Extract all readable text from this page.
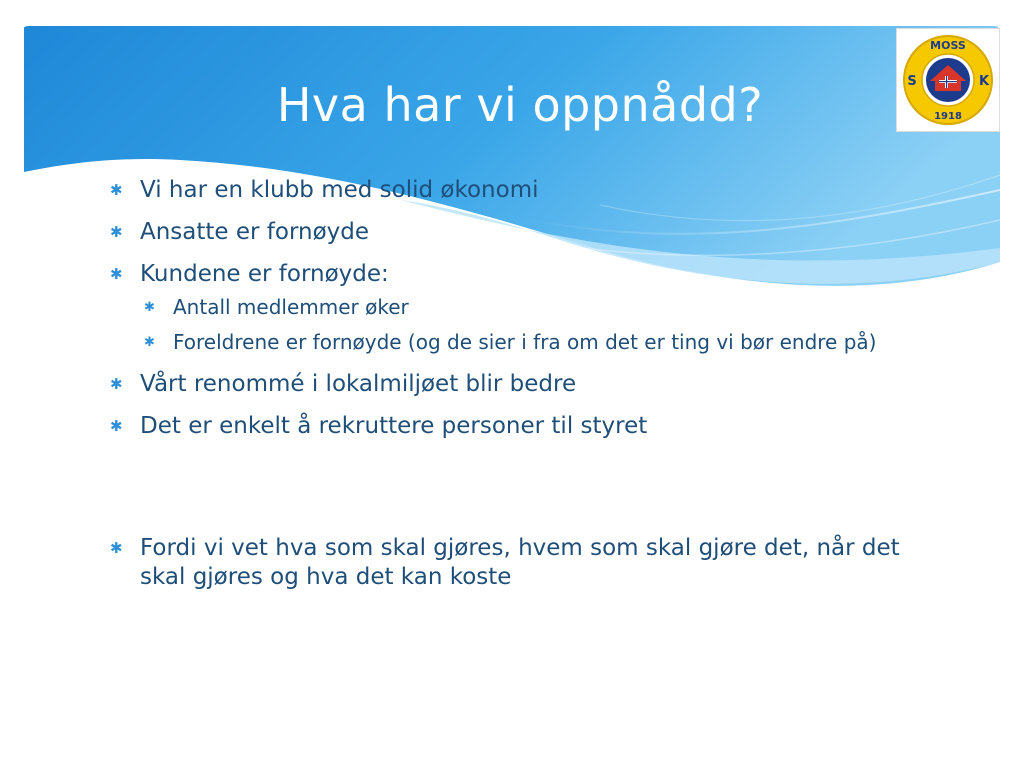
Hva har vi oppnådd?
MOSS
S	K
1918
✱ Vi har en klubb med solid økonomi
✱ Ansatte er fornøyde
✱ Kundene er fornøyde:
✱ Antall medlemmer øker
✱ Foreldrene er fornøyde (og de sier i fra om det er ting vi bør endre på)
✱ Vårt renommé i lokalmiljøet blir bedre
✱ Det er enkelt å rekruttere personer til styret
✱ Fordi vi vet hva som skal gjøres, hvem som skal gjøre det, når det skal gjøres og hva det kan koste
